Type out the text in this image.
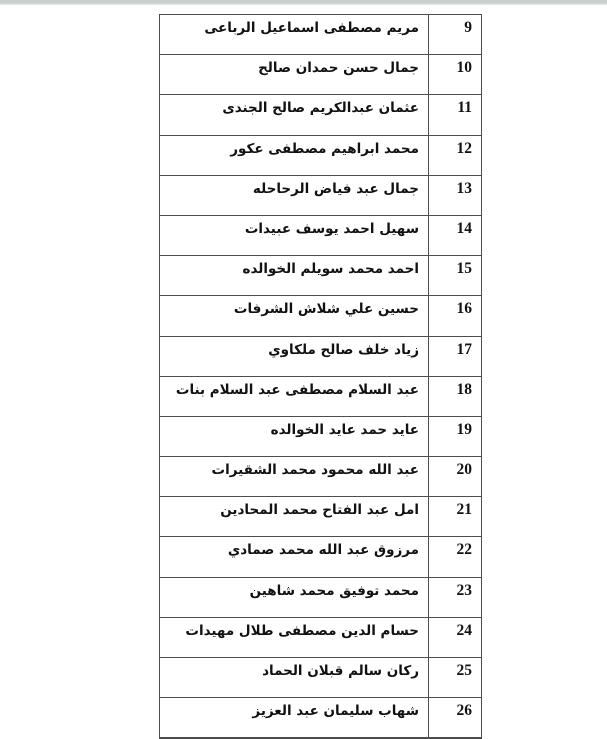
مريم مصطفى اسماعيل الرباعى	9
جمال حسن حمدان صالح	10
عثمان عبدالكريم صالح الجندى	11
محمد ابراهيم مصطفى عكور	12
جمال عبد فياض الرحاحله	13
سهيل احمد يوسف عبيدات	14
احمد محمد سويلم الخوالده	15
حسين علي شلاش الشرفات	16
زياد خلف صالح ملكاوي	17
عبد السلام مصطفى عبد السلام بنات	18
عايد حمد عايد الخوالده	19
عبد الله محمود محمد الشقيرات	20
امل عبد الفتاح محمد المحادين	21
مرزوق عبد الله محمد صمادي	22
محمد توفيق محمد شاهين	23
حسام الدين مصطفى طلال مهيدات	24
ركان سالم قبلان الحماد	25
شهاب سليمان عبد العزيز	26
